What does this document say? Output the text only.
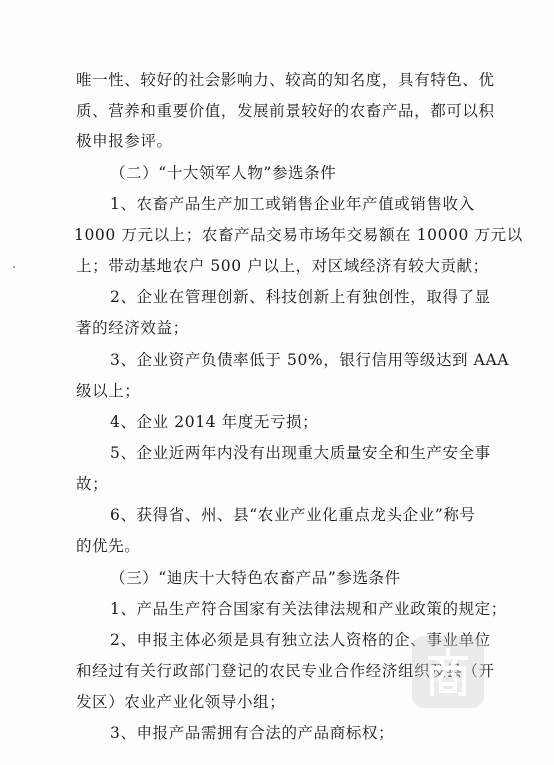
唯一性、较好的社会影响力、较高的知名度，具有特色、优
质、营养和重要价值，发展前景较好的农畜产品，都可以积
极申报参评。
（二）“十大领军人物”参选条件
1、农畜产品生产加工或销售企业年产值或销售收入
1000 万元以上；农畜产品交易市场年交易额在 10000 万元以
上；带动基地农户 500 户以上，对区域经济有较大贡献；
2、企业在管理创新、科技创新上有独创性，取得了显
著的经济效益；
3、企业资产负债率低于 50%，银行信用等级达到 AAA
级以上；
4、企业 2014 年度无亏损；
5、企业近两年内没有出现重大质量安全和生产安全事
故；
6、获得省、州、县“农业产业化重点龙头企业”称号
的优先。
（三）“迪庆十大特色农畜产品”参选条件
1、产品生产符合国家有关法律法规和产业政策的规定；
2、申报主体必须是具有独立法人资格的企、事业单位
和经过有关行政部门登记的农民专业合作经济组织及县（开
发区）农业产业化领导小组；
3、申报产品需拥有合法的产品商标权；
